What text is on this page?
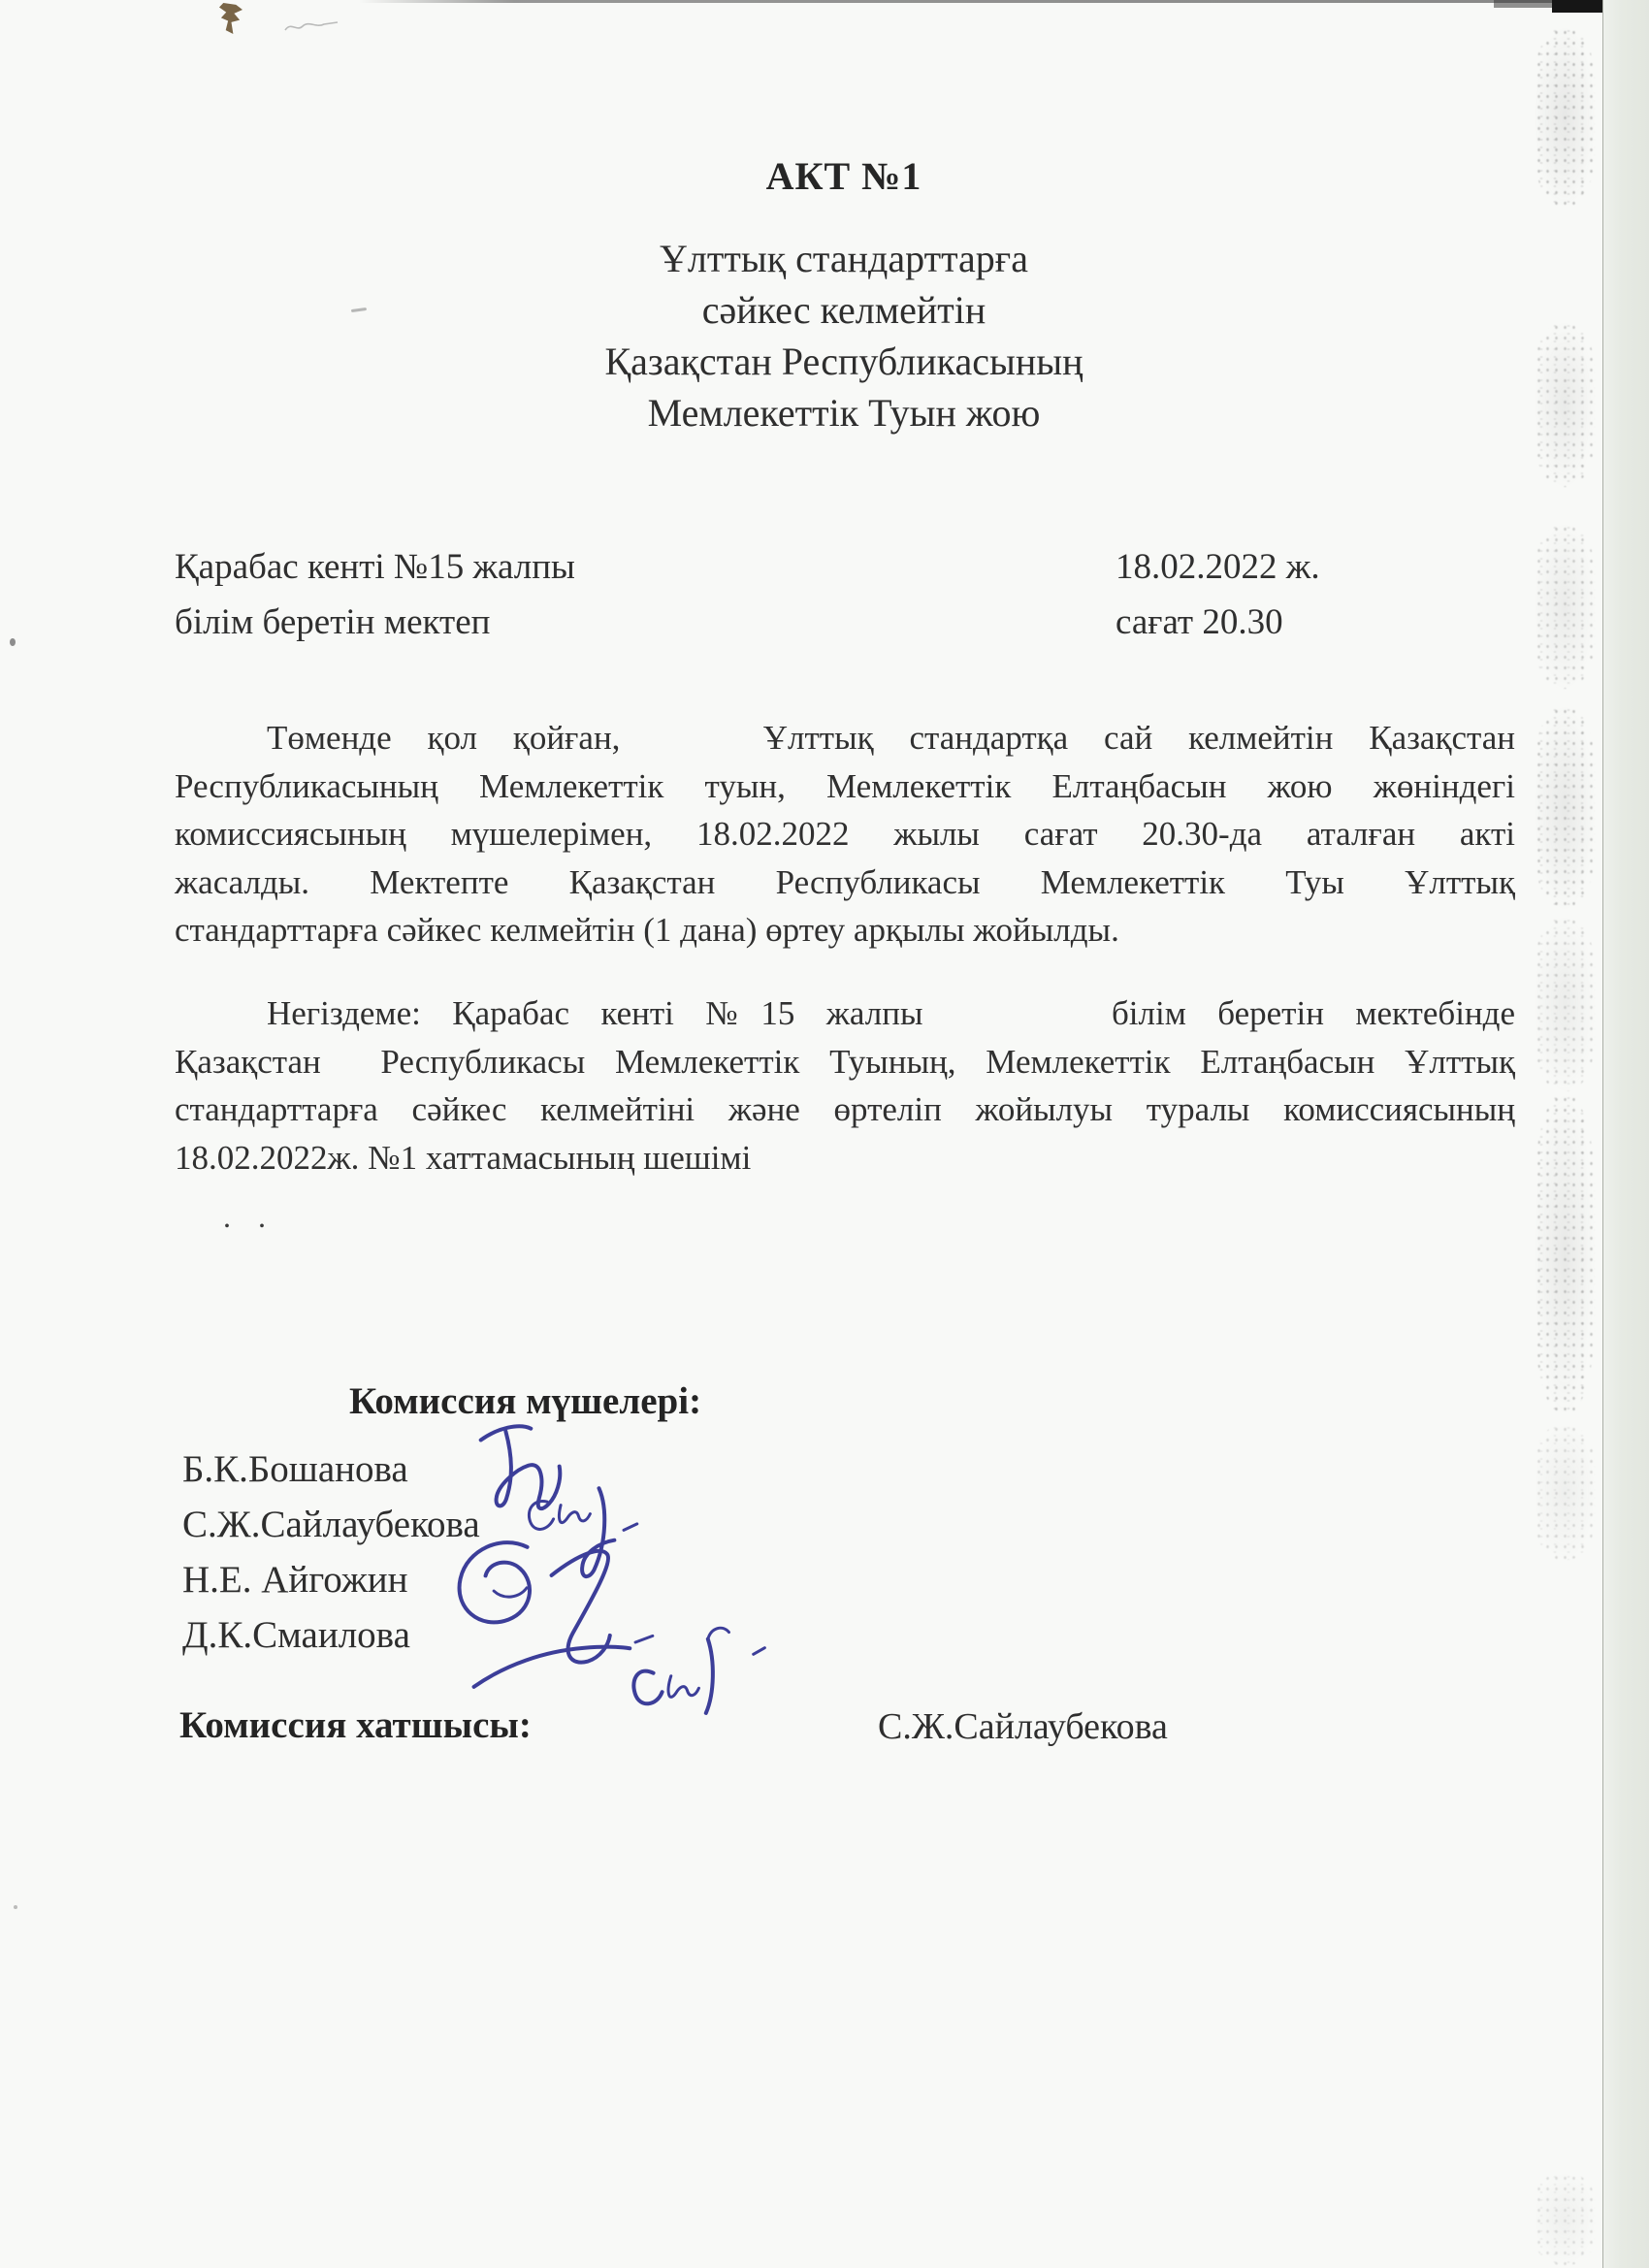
АКТ №1
Ұлттық стандарттарға
сәйкес келмейтін
Қазақстан Республикасының
Мемлекеттік Туын жою
Қарабас кенті №15 жалпы
білім беретін мектеп
18.02.2022 ж.
сағат 20.30
Төменде қол қойған,    Ұлттық стандартқа сай келмейтін Қазақстан
Республикасының Мемлекеттік туын, Мемлекеттік Елтаңбасын жою жөніндегі
комиссиясының мүшелерімен, 18.02.2022 жылы сағат 20.30-да аталған акті
жасалды. Мектепте Қазақстан Республикасы Мемлекеттік Туы Ұлттық
стандарттарға сәйкес келмейтін (1 дана) өртеу арқылы жойылды.
Негіздеме: Қарабас кенті №15 жалпы      білім беретін мектебінде
Қазақстан  Республикасы Мемлекеттік Туының, Мемлекеттік Елтаңбасын Ұлттық
стандарттарға сәйкес келмейтіні және өртеліп жойылуы туралы комиссиясының
18.02.2022ж. №1 хаттамасының шешімі
. .
Комиссия мүшелері:
Б.К.Бошанова
С.Ж.Сайлаубекова
Н.Е. Айгожин
Д.К.Смаилова
Комиссия хатшысы:	С.Ж.Сайлаубекова
